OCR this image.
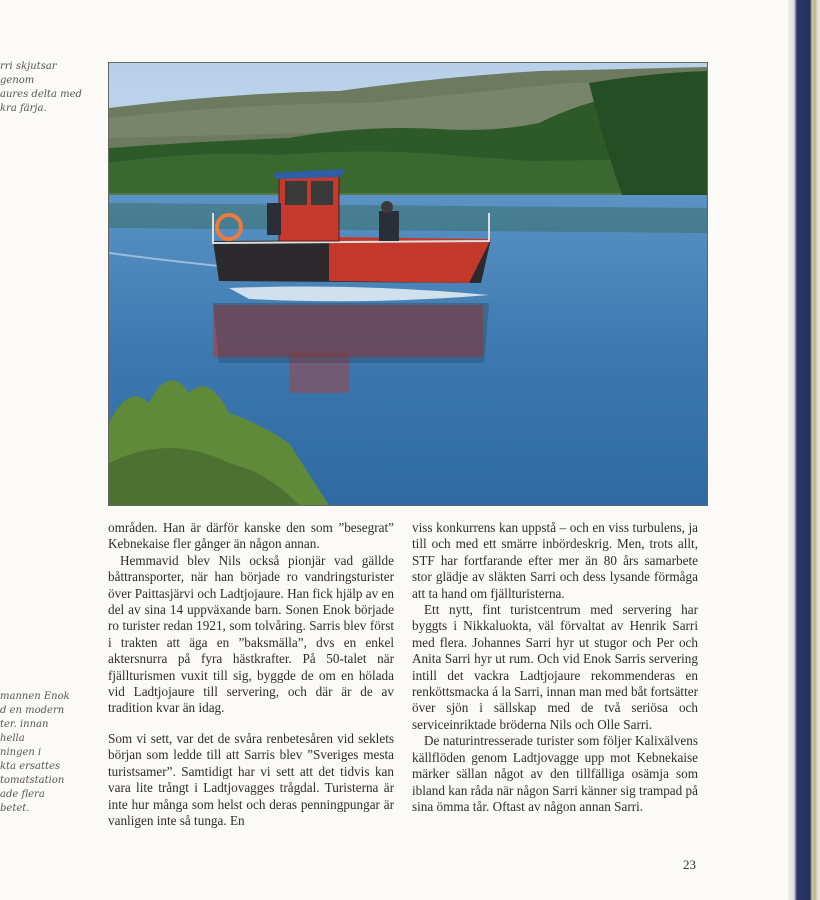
rri skjutsar
genom
aures delta med
kra färja.
mannen Enok
d en modern
ter. innan
hella
ningen i
kta ersattes
tomatstation
ade flera
betet.

områden. Han är därför kanske den som ”besegrat” Kebnekaise fler gånger än någon annan.

Hemmavid blev Nils också pionjär vad gällde båttransporter, när han började ro vandringsturister över Paittasjärvi och Ladtjojaure. Han fick hjälp av en del av sina 14 uppväxande barn. Sonen Enok började ro turister redan 1921, som tolvåring. Sarris blev först i trakten att äga en ”baksmälla”, dvs en enkel aktersnurra på fyra hästkrafter. På 50-talet när fjällturismen vuxit till sig, byggde de om en hölada vid Ladtjojaure till servering, och där är de av tradition kvar än idag.

Som vi sett, var det de svåra renbetesåren vid seklets början som ledde till att Sarris blev ”Sveriges mesta turistsamer”. Samtidigt har vi sett att det tidvis kan vara lite trångt i Ladtjovagges trågdal. Turisterna är inte hur många som helst och deras penningpungar är vanligen inte så tunga. En

viss konkurrens kan uppstå – och en viss turbulens, ja till och med ett smärre inbördeskrig. Men, trots allt, STF har fortfarande efter mer än 80 års samarbete stor glädje av släkten Sarri och dess lysande förmåga att ta hand om fjällturisterna.

Ett nytt, fint turistcentrum med servering har byggts i Nikkaluokta, väl förvaltat av Henrik Sarri med flera. Johannes Sarri hyr ut stugor och Per och Anita Sarri hyr ut rum. Och vid Enok Sarris servering intill det vackra Ladtjojaure rekommenderas en renköttsmacka á la Sarri, innan man med båt fortsätter över sjön i sällskap med de två seriösa och serviceinriktade bröderna Nils och Olle Sarri.

De naturintresserade turister som följer Kalixälvens källflöden genom Ladtjovagge upp mot Kebnekaise märker sällan något av den tillfälliga osämja som ibland kan råda när någon Sarri känner sig trampad på sina ömma tår. Oftast av någon annan Sarri.

23
